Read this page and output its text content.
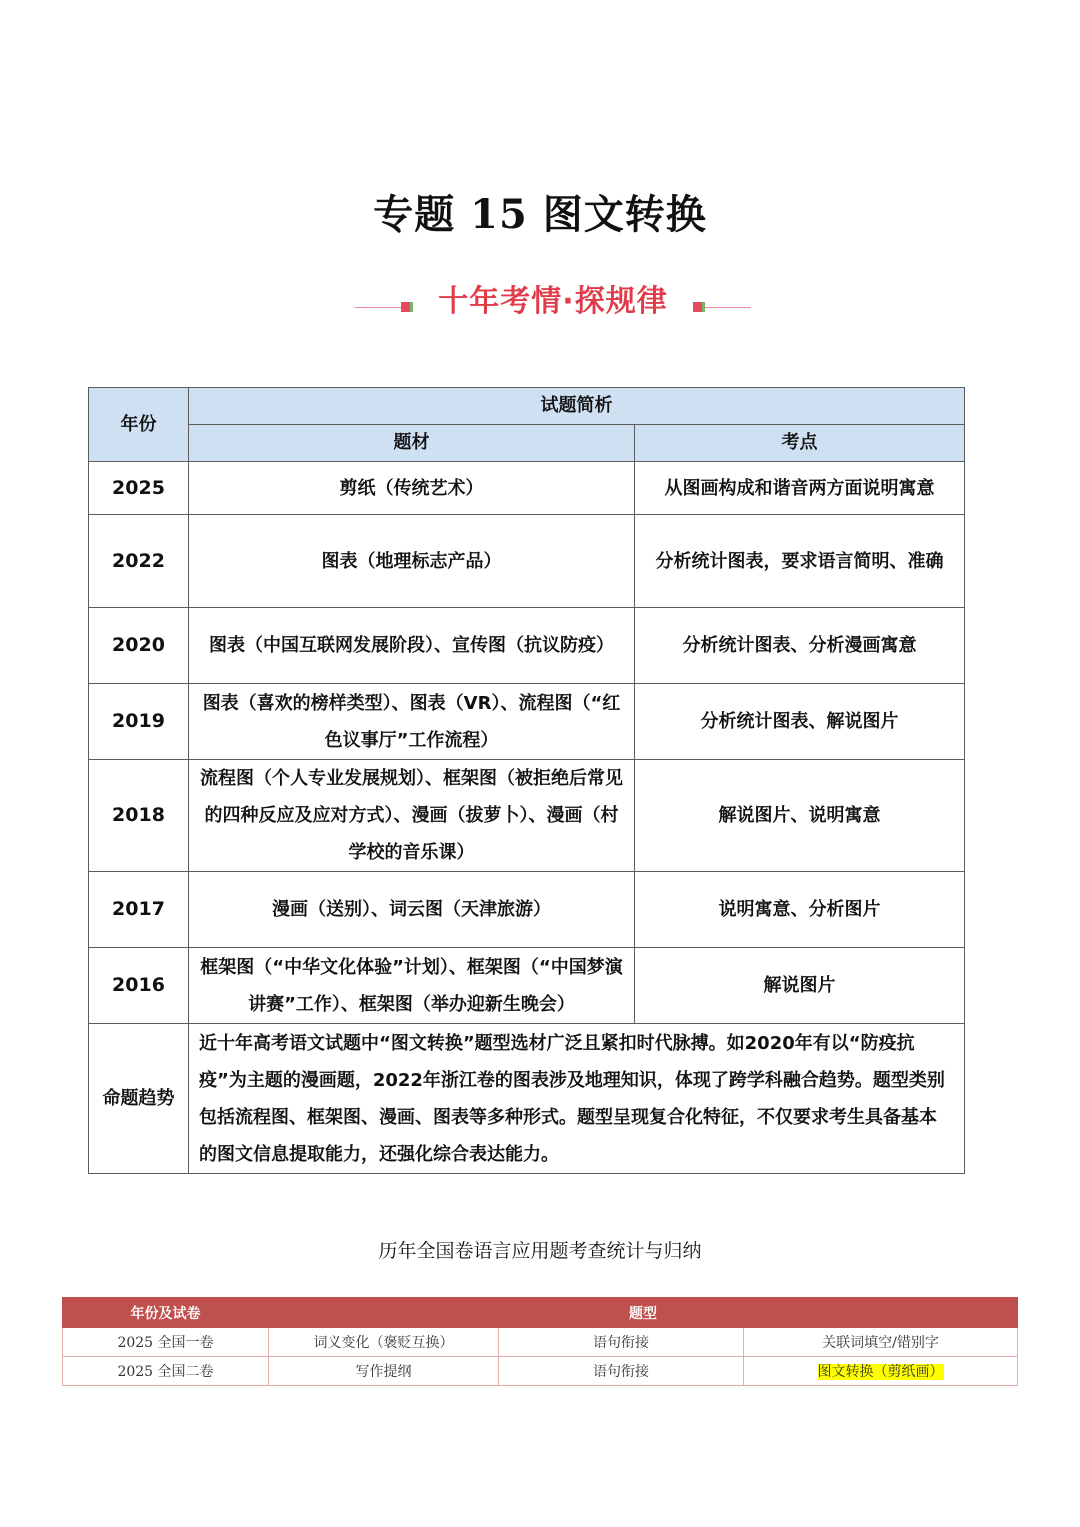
专题 15 图文转换
十年考情·探规律
年份	试题简析	
	题材	考点
2025	剪纸（传统艺术）	从图画构成和谐音两方面说明寓意
2022	图表（地理标志产品）	分析统计图表，要求语言简明、准确
2020	图表（中国互联网发展阶段）、宣传图（抗议防疫）	分析统计图表、分析漫画寓意
2019	图表（喜欢的榜样类型）、图表（VR）、流程图（“红色议事厅”工作流程）	分析统计图表、解说图片
2018	流程图（个人专业发展规划）、框架图（被拒绝后常见的四种反应及应对方式）、漫画（拔萝卜）、漫画（村学校的音乐课）	解说图片、说明寓意
2017	漫画（送别）、词云图（天津旅游）	说明寓意、分析图片
2016	框架图（“中华文化体验”计划）、框架图（“中国梦演讲赛”工作）、框架图（举办迎新生晚会）	解说图片
命题趋势	近十年高考语文试题中“图文转换”题型选材广泛且紧扣时代脉搏。如2020年有以“防疫抗疫”为主题的漫画题，2022年浙江卷的图表涉及地理知识，体现了跨学科融合趋势。题型类别包括流程图、框架图、漫画、图表等多种形式。题型呈现复合化特征，不仅要求考生具备基本的图文信息提取能力，还强化综合表达能力。	
历年全国卷语言应用题考查统计与归纳
年份及试卷	题型		
2025 全国一卷	词义变化（褒贬互换）	语句衔接	关联词填空/错别字
2025 全国二卷	写作提纲	语句衔接	图文转换（剪纸画）
